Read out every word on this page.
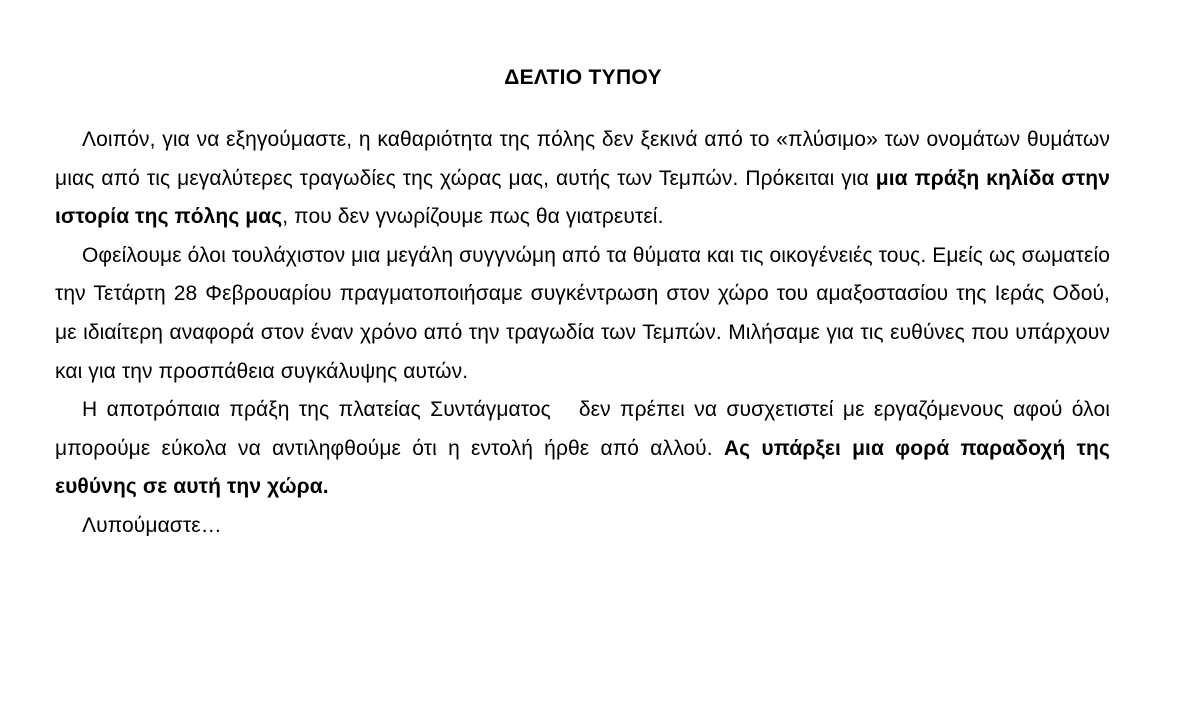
ΔΕΛΤΙΟ ΤΥΠΟΥ

Λοιπόν, για να εξηγούμαστε, η καθαριότητα της πόλης δεν ξεκινά από το «πλύσιμο» των ονομάτων θυμάτων μιας από τις μεγαλύτερες τραγωδίες της χώρας μας, αυτής των Τεμπών. Πρόκειται για μια πράξη κηλίδα στην ιστορία της πόλης μας, που δεν γνωρίζουμε πως θα γιατρευτεί.

Οφείλουμε όλοι τουλάχιστον μια μεγάλη συγγνώμη από τα θύματα και τις οικογένειές τους. Εμείς ως σωματείο την Τετάρτη 28 Φεβρουαρίου πραγματοποιήσαμε συγκέντρωση στον χώρο του αμαξοστασίου της Ιεράς Οδού, με ιδιαίτερη αναφορά στον έναν χρόνο από την τραγωδία των Τεμπών. Μιλήσαμε για τις ευθύνες που υπάρχουν και για την προσπάθεια συγκάλυψης αυτών.

Η αποτρόπαια πράξη της πλατείας Συντάγματος   δεν πρέπει να συσχετιστεί με εργαζόμενους αφού όλοι μπορούμε εύκολα να αντιληφθούμε ότι η εντολή ήρθε από αλλού. Ας υπάρξει μια φορά παραδοχή της ευθύνης σε αυτή την χώρα.

Λυπούμαστε…
